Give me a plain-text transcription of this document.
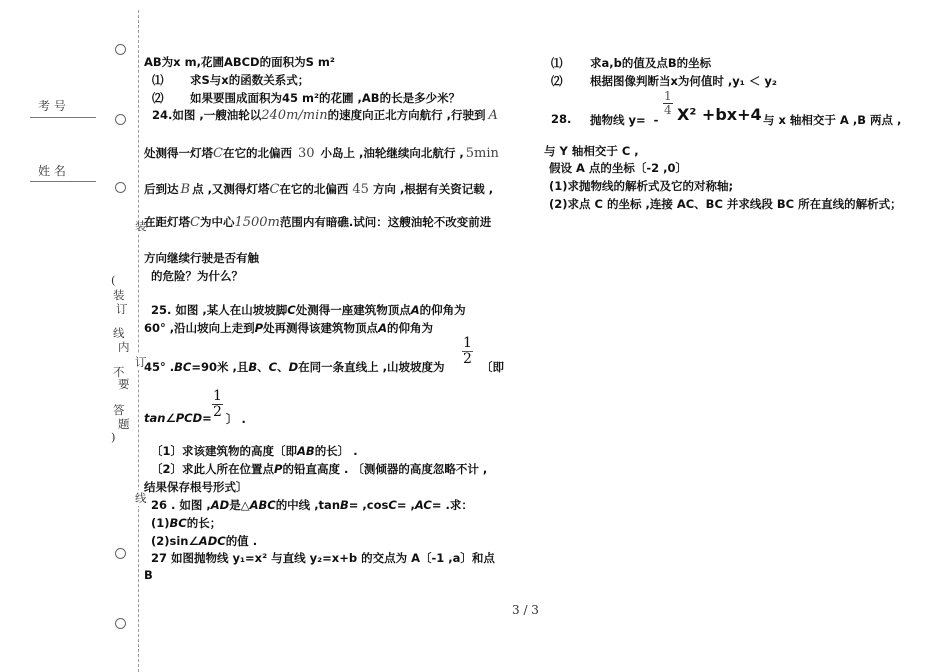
考 号
姓 名
装
订
线
(
装
订
线
内
不
要
答
题
)
AB为x m,花圃ABCD的面积为S m²
⑴ 求S与x的函数关系式；
⑵ 如果要围成面积为45 m²的花圃 ,AB的长是多少米？
24.如图 ,一艘油轮以240m/min的速度向正北方向航行 ,行驶到 A
处测得一灯塔C在它的北偏西 30 小岛上 ,油轮继续向北航行 , 5min
后到达 B 点 ,又测得灯塔C在它的北偏西 45 方向 ,根据有关资记载 ,
在距灯塔C为中心1500m范围内有暗礁.试问：这艘油轮不改变前进
方向继续行驶是否有触
的危险？为什么？
25. 如图 ,某人在山坡坡脚C处测得一座建筑物顶点A的仰角为
60° ,沿山坡向上走到P处再测得该建筑物顶点A的仰角为
45° .BC=90米 ,且B、C、D在同一条直线上 ,山坡坡度为 $\frac{1}{2}$ 〔即
tan∠PCD= $\frac{1}{2}$ 〕 .
〔1〕求该建筑物的高度〔即AB的长〕 .
〔2〕求此人所在位置点P的铅直高度 . 〔测倾器的高度忽略不计 ,
结果保存根号形式〕
26 . 如图 ,AD是△ABC的中线 ,tanB= ,cosC= ,AC= .求：
(1)BC的长；
(2)sin∠ADC的值 .
27 如图抛物线 y₁=x² 与直线 y₂=x+b 的交点为 A〔-1 ,a〕和点
B
⑴ 求a,b的值及点B的坐标
⑵ 根据图像判断当x为何值时 ,y₁ ＜ y₂
28. 抛物线 y= -
$\frac{1}{4} X^2 +bx+4$ 与 x 轴相交于 A ,B 两点 ,
与 Y 轴相交于 C ,
假设 A 点的坐标〔-2 ,0〕
(1)求抛物线的解析式及它的对称轴;
(2)求点 C 的坐标 ,连接 AC、BC 并求线段 BC 所在直线的解析式；
3 / 3
